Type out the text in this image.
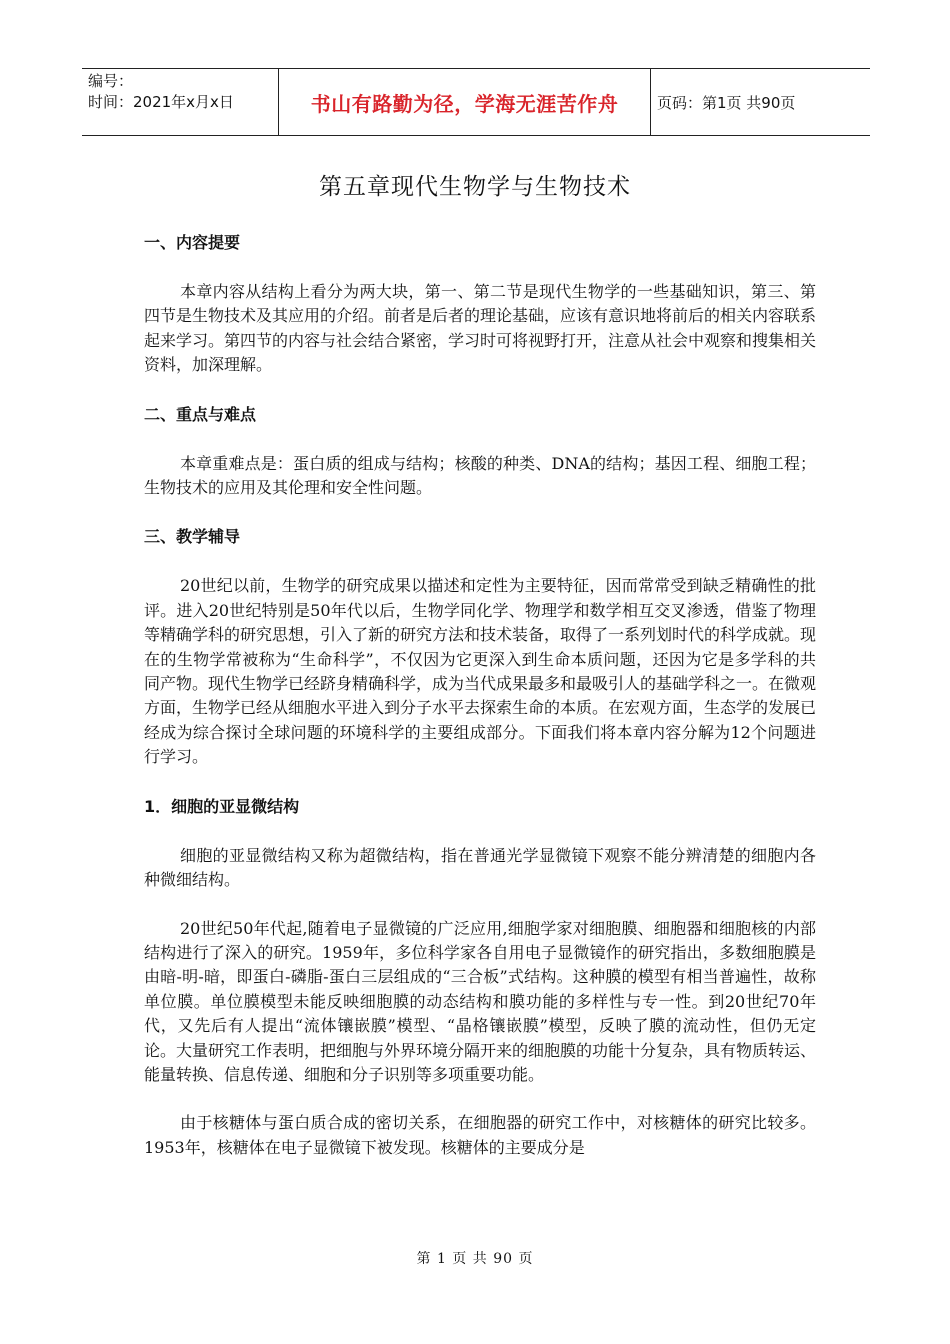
编号：
时间：2021年x月x日	书山有路勤为径，学海无涯苦作舟	页码：第1页 共90页
第五章现代生物学与生物技术
一、内容提要

本章内容从结构上看分为两大块，第一、第二节是现代生物学的一些基础知识，第三、第四节是生物技术及其应用的介绍。前者是后者的理论基础，应该有意识地将前后的相关内容联系起来学习。第四节的内容与社会结合紧密，学习时可将视野打开，注意从社会中观察和搜集相关资料，加深理解。

二、重点与难点

本章重难点是：蛋白质的组成与结构；核酸的种类、DNA的结构；基因工程、细胞工程；生物技术的应用及其伦理和安全性问题。

三、教学辅导

20世纪以前，生物学的研究成果以描述和定性为主要特征，因而常常受到缺乏精确性的批评。进入20世纪特别是50年代以后，生物学同化学、物理学和数学相互交叉渗透，借鉴了物理等精确学科的研究思想，引入了新的研究方法和技术装备，取得了一系列划时代的科学成就。现在的生物学常被称为“生命科学”，不仅因为它更深入到生命本质问题，还因为它是多学科的共同产物。现代生物学已经跻身精确科学，成为当代成果最多和最吸引人的基础学科之一。在微观方面，生物学已经从细胞水平进入到分子水平去探索生命的本质。在宏观方面，生态学的发展已经成为综合探讨全球问题的环境科学的主要组成部分。下面我们将本章内容分解为12个问题进行学习。

1．细胞的亚显微结构

细胞的亚显微结构又称为超微结构，指在普通光学显微镜下观察不能分辨清楚的细胞内各种微细结构。

20世纪50年代起,随着电子显微镜的广泛应用,细胞学家对细胞膜、细胞器和细胞核的内部结构进行了深入的研究。1959年，多位科学家各自用电子显微镜作的研究指出，多数细胞膜是由暗-明-暗，即蛋白-磷脂-蛋白三层组成的“三合板”式结构。这种膜的模型有相当普遍性，故称单位膜。单位膜模型未能反映细胞膜的动态结构和膜功能的多样性与专一性。到20世纪70年代，又先后有人提出“流体镶嵌膜”模型、“晶格镶嵌膜”模型，反映了膜的流动性，但仍无定论。大量研究工作表明，把细胞与外界环境分隔开来的细胞膜的功能十分复杂，具有物质转运、能量转换、信息传递、细胞和分子识别等多项重要功能。

由于核糖体与蛋白质合成的密切关系，在细胞器的研究工作中，对核糖体的研究比较多。1953年，核糖体在电子显微镜下被发现。核糖体的主要成分是

第 1 页 共 90 页
